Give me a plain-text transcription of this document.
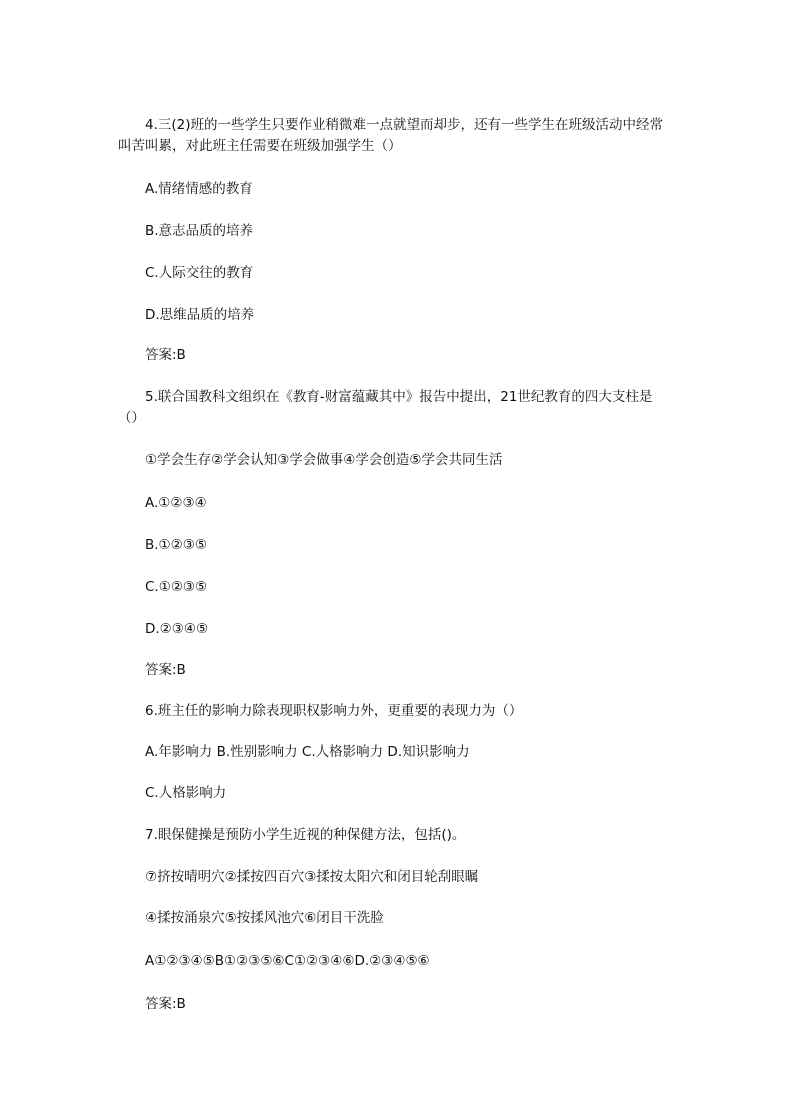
4.三(2)班的一些学生只要作业稍微难一点就望而却步，还有一些学生在班级活动中经常叫苦叫累，对此班主任需要在班级加强学生（）
A.情绪情感的教育
B.意志品质的培养
C.人际交往的教育
D.思维品质的培养
答案:B
5.联合国教科文组织在《教育-财富蕴藏其中》报告中提出，21世纪教育的四大支柱是（）
①学会生存②学会认知③学会做事④学会创造⑤学会共同生活
A.①②③④
B.①②③⑤
C.①②③⑤
D.②③④⑤
答案:B
6.班主任的影响力除表现职权影响力外，更重要的表现力为（）
A.年影响力 B.性别影响力 C.人格影响力 D.知识影响力
C.人格影响力
7.眼保健操是预防小学生近视的种保健方法，包括()。
⑦挤按晴明穴②揉按四百穴③揉按太阳穴和闭目轮刮眼瞩
④揉按涌泉穴⑤按揉风池穴⑥闭目干洗脸
A①②③④⑤B①②③⑤⑥C①②③④⑥D.②③④⑤⑥
答案:B
